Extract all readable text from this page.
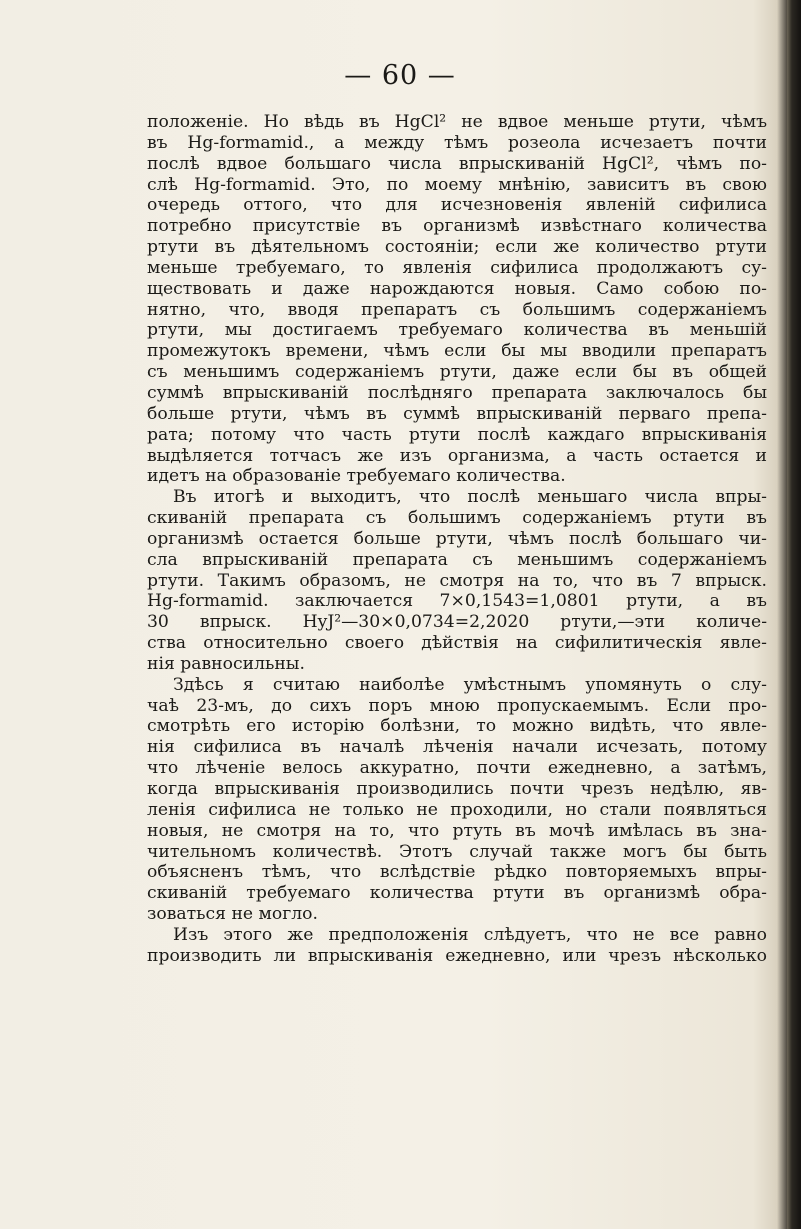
— 60 —
положеніе. Но вѣдь въ HgCl² не вдвое меньше ртути, чѣмъ
въ Hg-formamid., а между тѣмъ розеола исчезаетъ почти
послѣ вдвое большаго числа впрыскиваній HgCl², чѣмъ по-
слѣ Hg-formamid. Это, по моему мнѣнію, зависитъ въ свою
очередь оттого, что для исчезновенія явленій сифилиса
потребно присутствіе въ организмѣ извѣстнаго количества
ртути въ дѣятельномъ состояніи; если же количество ртути
меньше требуемаго, то явленія сифилиса продолжаютъ су-
ществовать и даже нарождаются новыя. Само собою по-
нятно, что, вводя препаратъ съ большимъ содержаніемъ
ртути, мы достигаемъ требуемаго количества въ меньшій
промежутокъ времени, чѣмъ если бы мы вводили препаратъ
съ меньшимъ содержаніемъ ртути, даже если бы въ общей
суммѣ впрыскиваній послѣдняго препарата заключалось бы
больше ртути, чѣмъ въ суммѣ впрыскиваній перваго препа-
рата; потому что часть ртути послѣ каждаго впрыскиванія
выдѣляется тотчасъ же изъ организма, а часть остается и
идетъ на образованіе требуемаго количества.
Въ итогѣ и выходитъ, что послѣ меньшаго числа впры-
скиваній препарата съ большимъ содержаніемъ ртути въ
организмѣ остается больше ртути, чѣмъ послѣ большаго чи-
сла впрыскиваній препарата съ меньшимъ содержаніемъ
ртути. Такимъ образомъ, не смотря на то, что въ 7 впрыск.
Hg-formamid. заключается 7×0,1543=1,0801 ртути, а въ
30 впрыск. HyJ²—30×0,0734=2,2020 ртути,—эти количе-
ства относительно своего дѣйствія на сифилитическія явле-
нія равносильны.
Здѣсь я считаю наиболѣе умѣстнымъ упомянуть о слу-
чаѣ 23-мъ, до сихъ поръ мною пропускаемымъ. Если про-
смотрѣть его исторію болѣзни, то можно видѣть, что явле-
нія сифилиса въ началѣ лѣченія начали исчезать, потому
что лѣченіе велось аккуратно, почти ежедневно, а затѣмъ,
когда впрыскиванія производились почти чрезъ недѣлю, яв-
ленія сифилиса не только не проходили, но стали появляться
новыя, не смотря на то, что ртуть въ мочѣ имѣлась въ зна-
чительномъ количествѣ. Этотъ случай также могъ бы быть
объясненъ тѣмъ, что вслѣдствіе рѣдко повторяемыхъ впры-
скиваній требуемаго количества ртути въ организмѣ обра-
зоваться не могло.
Изъ этого же предположенія слѣдуетъ, что не все равно
производить ли впрыскиванія ежедневно, или чрезъ нѣсколько
